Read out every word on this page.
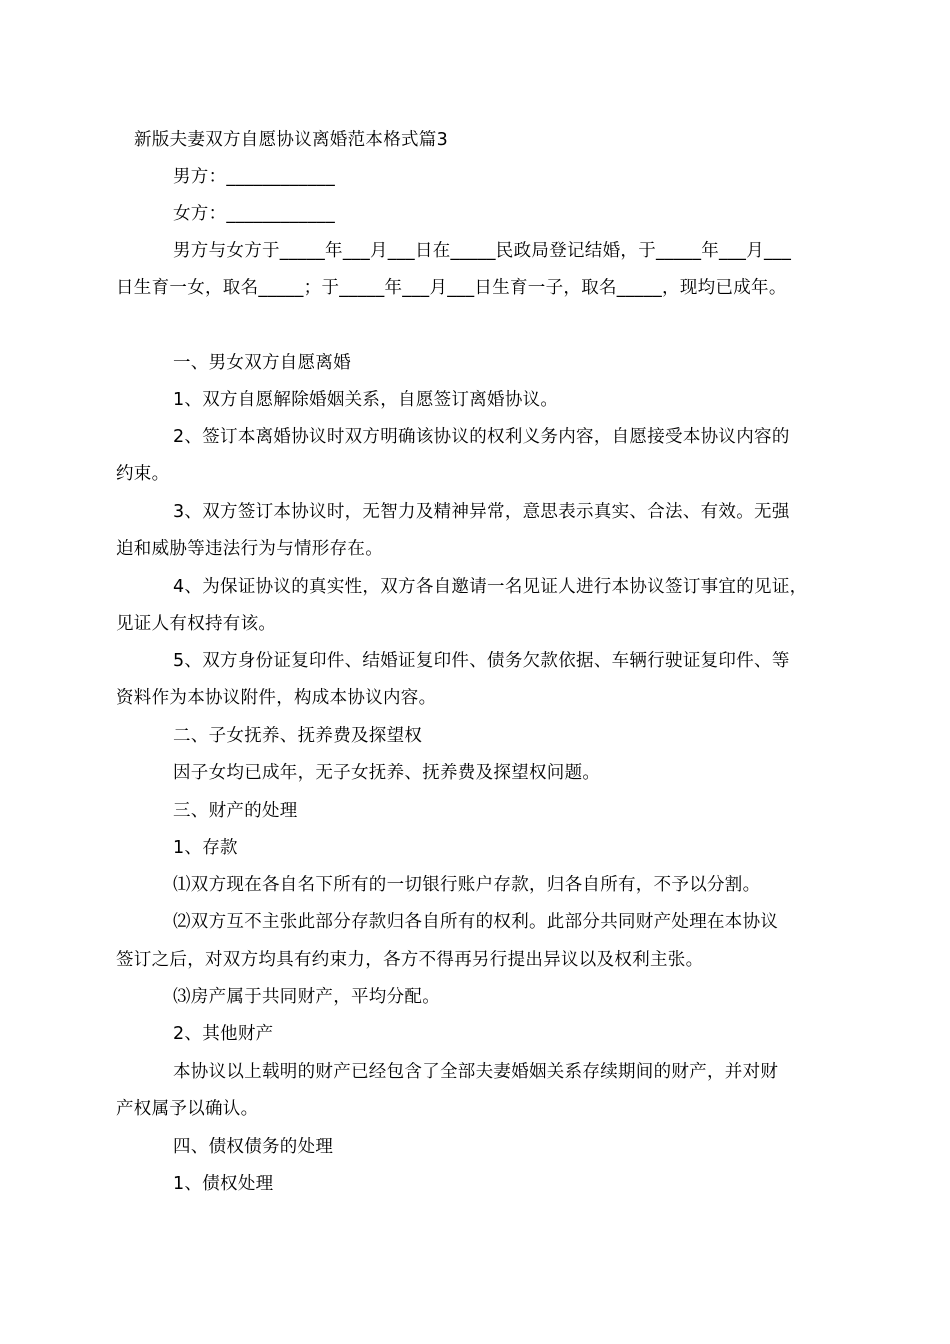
新版夫妻双方自愿协议离婚范本格式篇3
男方：____________
女方：____________
男方与女方于_____年___月___日在_____民政局登记结婚，于_____年___月___
日生育一女，取名_____；于_____年___月___日生育一子，取名_____，现均已成年。
一、男女双方自愿离婚
1、双方自愿解除婚姻关系，自愿签订离婚协议。
2、签订本离婚协议时双方明确该协议的权利义务内容，自愿接受本协议内容的
约束。
3、双方签订本协议时，无智力及精神异常，意思表示真实、合法、有效。无强
迫和威胁等违法行为与情形存在。
4、为保证协议的真实性，双方各自邀请一名见证人进行本协议签订事宜的见证，
见证人有权持有该。
5、双方身份证复印件、结婚证复印件、债务欠款依据、车辆行驶证复印件、等
资料作为本协议附件，构成本协议内容。
二、子女抚养、抚养费及探望权
因子女均已成年，无子女抚养、抚养费及探望权问题。
三、财产的处理
1、存款
⑴双方现在各自名下所有的一切银行账户存款，归各自所有，不予以分割。
⑵双方互不主张此部分存款归各自所有的权利。此部分共同财产处理在本协议
签订之后，对双方均具有约束力，各方不得再另行提出异议以及权利主张。
⑶房产属于共同财产，平均分配。
2、其他财产
本协议以上载明的财产已经包含了全部夫妻婚姻关系存续期间的财产，并对财
产权属予以确认。
四、债权债务的处理
1、债权处理
